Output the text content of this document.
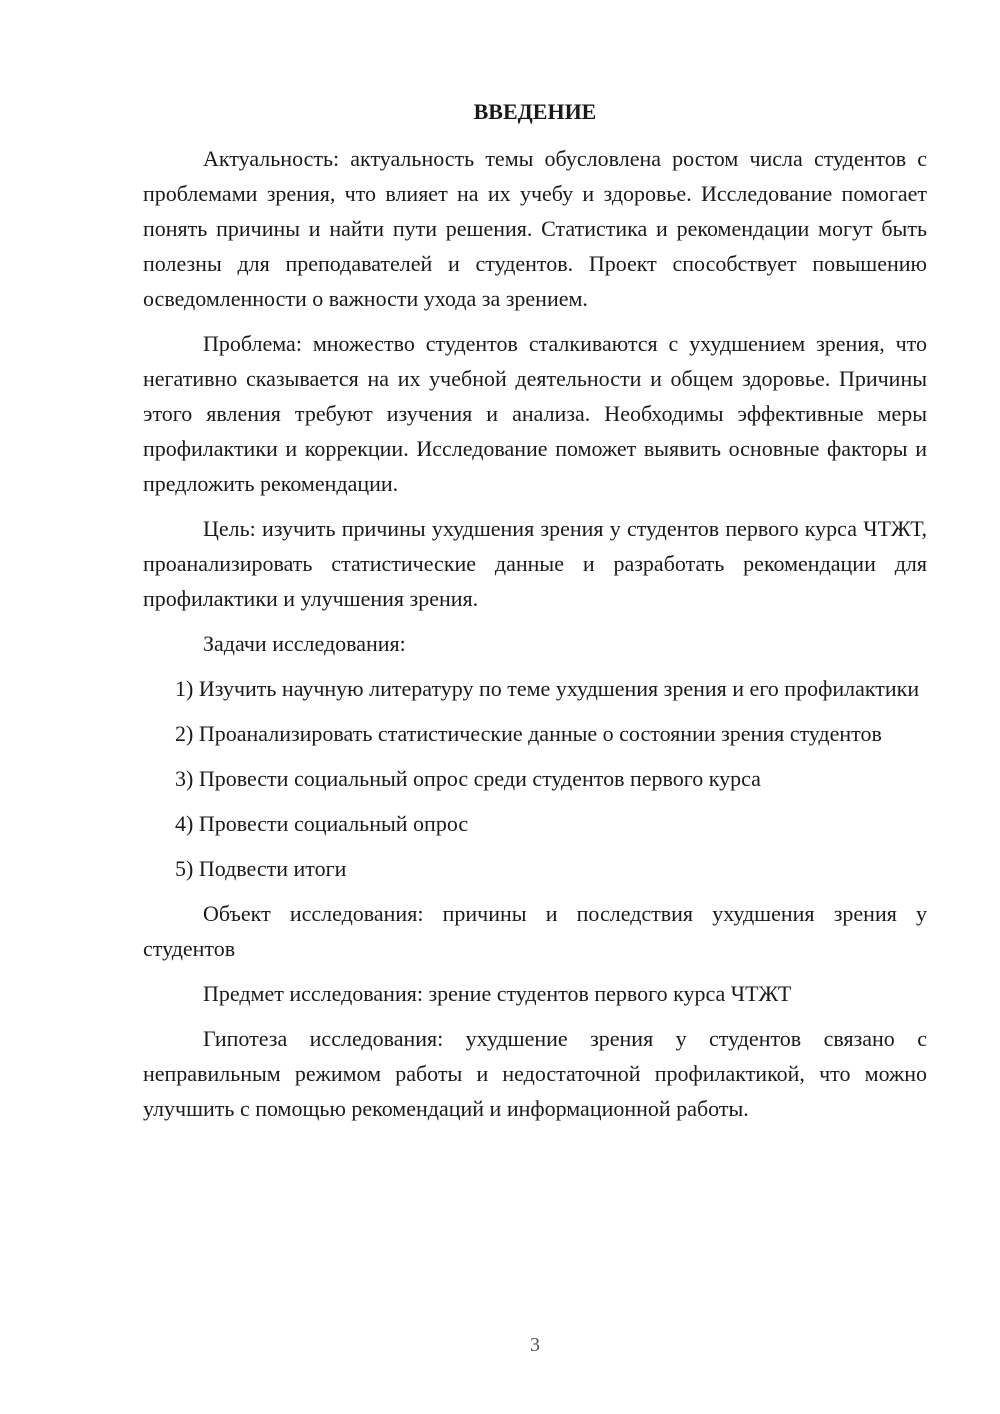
ВВЕДЕНИЕ

Актуальность: актуальность темы обусловлена ростом числа студентов с проблемами зрения, что влияет на их учебу и здоровье. Исследование помогает понять причины и найти пути решения. Статистика и рекомендации могут быть полезны для преподавателей и студентов. Проект способствует повышению осведомленности о важности ухода за зрением.

Проблема: множество студентов сталкиваются с ухудшением зрения, что негативно сказывается на их учебной деятельности и общем здоровье. Причины этого явления требуют изучения и анализа. Необходимы эффективные меры профилактики и коррекции. Исследование поможет выявить основные факторы и предложить рекомендации.

Цель: изучить причины ухудшения зрения у студентов первого курса ЧТЖТ, проанализировать статистические данные и разработать рекомендации для профилактики и улучшения зрения.

Задачи исследования:

1) Изучить научную литературу по теме ухудшения зрения и его профилактики

2) Проанализировать статистические данные о состоянии зрения студентов

3) Провести социальный опрос среди студентов первого курса

4) Провести социальный опрос

5) Подвести итоги

Объект исследования: причины и последствия ухудшения зрения у студентов

Предмет исследования: зрение студентов первого курса ЧТЖТ

Гипотеза исследования: ухудшение зрения у студентов связано с неправильным режимом работы и недостаточной профилактикой, что можно улучшить с помощью рекомендаций и информационной работы.

3
